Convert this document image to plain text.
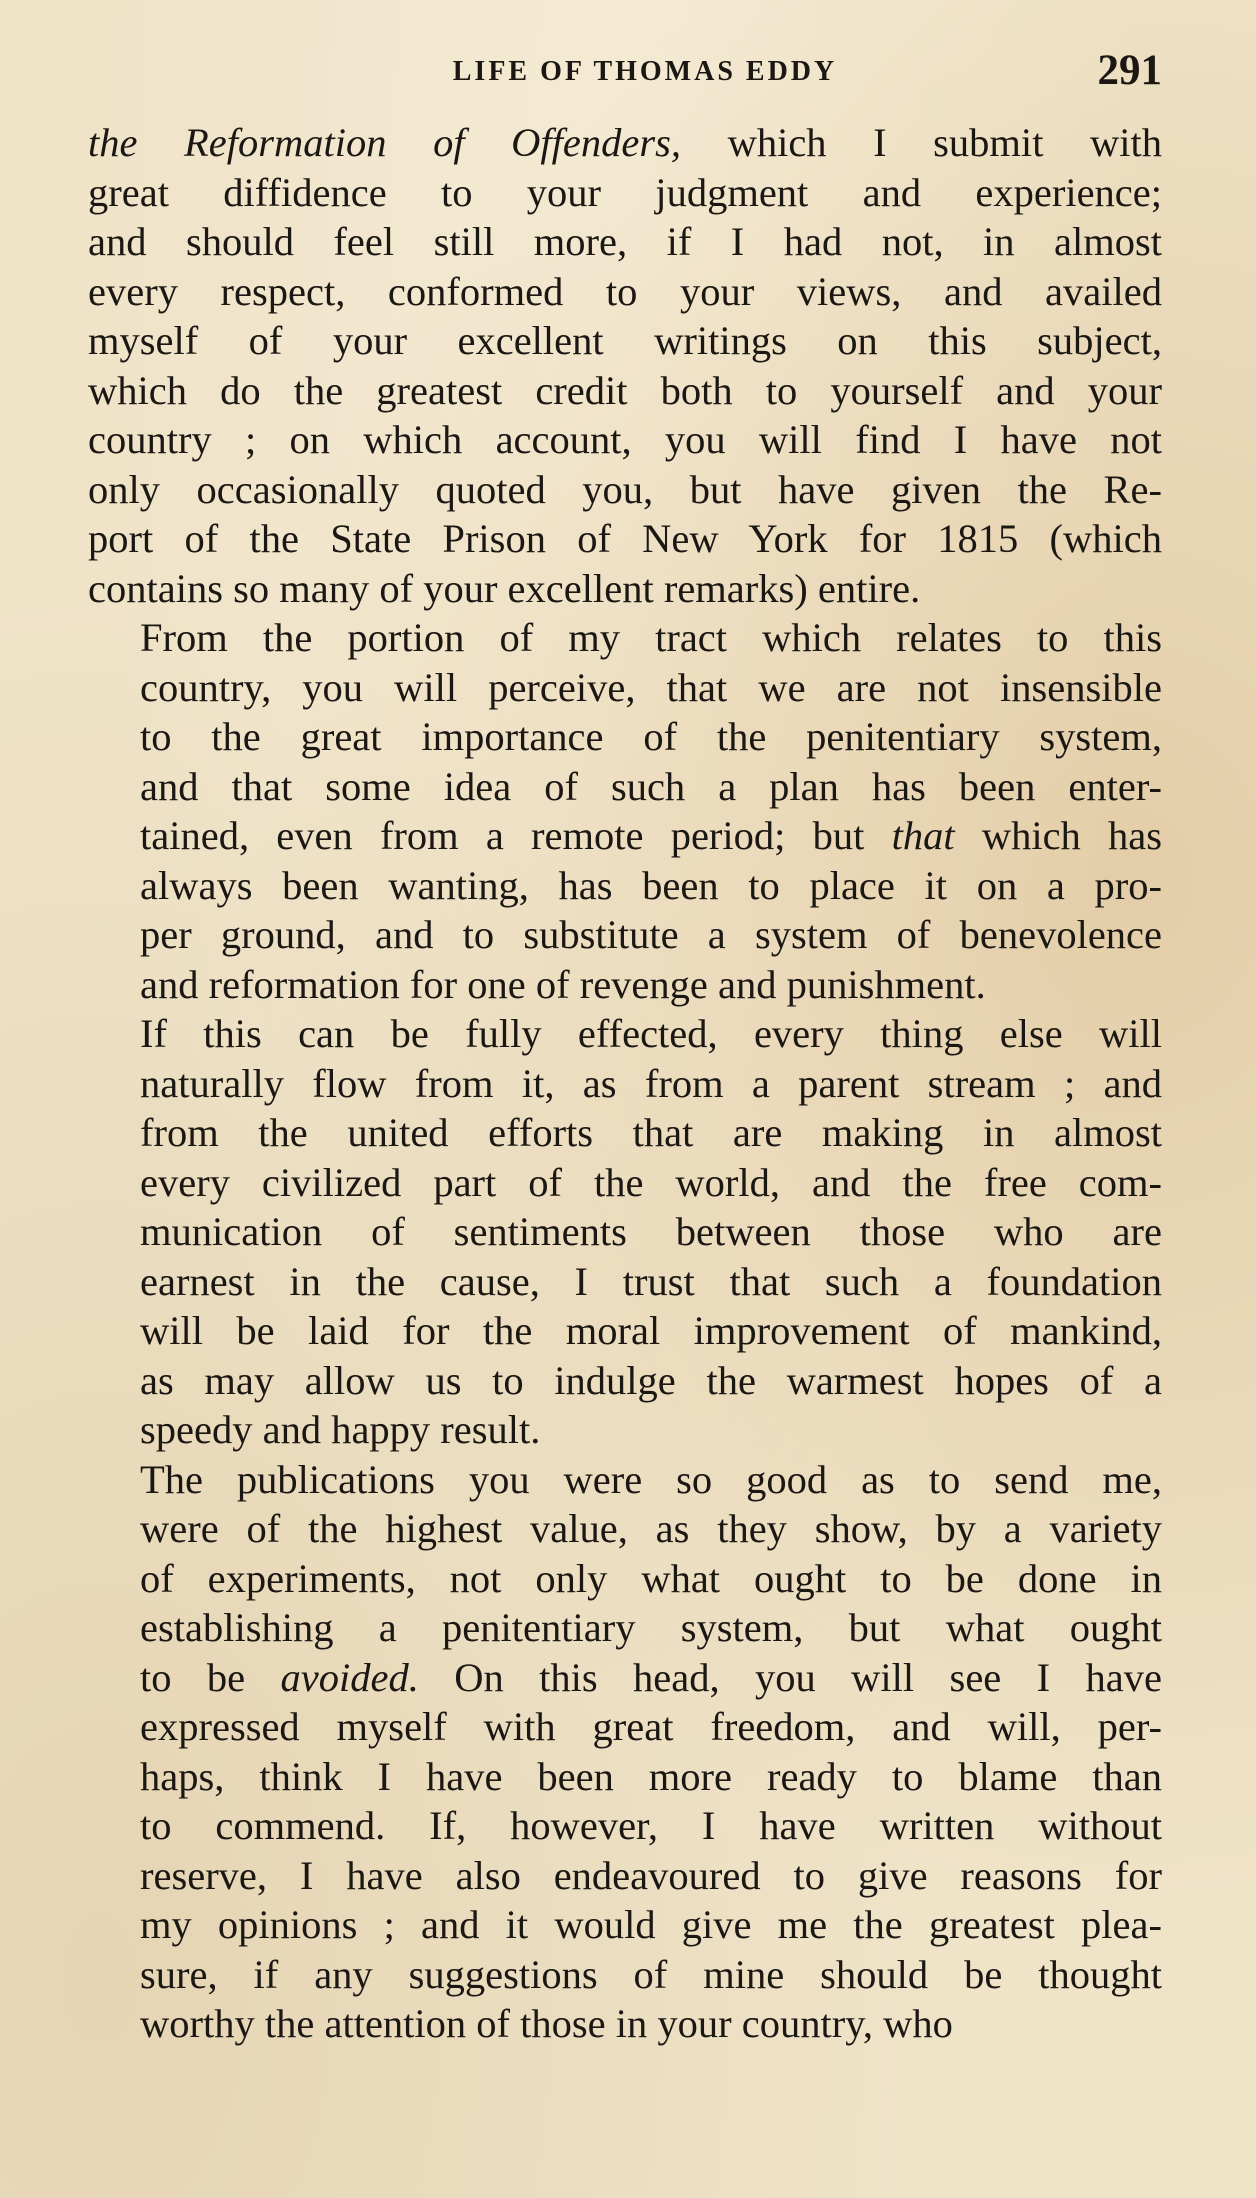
LIFE OF THOMAS EDDY	291

the Reformation of Offenders, which I submit with
great diffidence to your judgment and experience;
and should feel still more, if I had not, in almost
every respect, conformed to your views, and availed
myself of your excellent writings on this subject,
which do the greatest credit both to yourself and your
country ; on which account, you will find I have not
only occasionally quoted you, but have given the Re-
port of the State Prison of New York for 1815 (which
contains so many of your excellent remarks) entire.

From the portion of my tract which relates to this
country, you will perceive, that we are not insensible
to the great importance of the penitentiary system,
and that some idea of such a plan has been enter-
tained, even from a remote period; but that which has
always been wanting, has been to place it on a pro-
per ground, and to substitute a system of benevolence
and reformation for one of revenge and punishment.

If this can be fully effected, every thing else will
naturally flow from it, as from a parent stream ; and
from the united efforts that are making in almost
every civilized part of the world, and the free com-
munication of sentiments between those who are
earnest in the cause, I trust that such a foundation
will be laid for the moral improvement of mankind,
as may allow us to indulge the warmest hopes of a
speedy and happy result.

The publications you were so good as to send me,
were of the highest value, as they show, by a variety
of experiments, not only what ought to be done in
establishing a penitentiary system, but what ought
to be avoided. On this head, you will see I have
expressed myself with great freedom, and will, per-
haps, think I have been more ready to blame than
to commend. If, however, I have written without
reserve, I have also endeavoured to give reasons for
my opinions ; and it would give me the greatest plea-
sure, if any suggestions of mine should be thought
worthy the attention of those in your country, who
